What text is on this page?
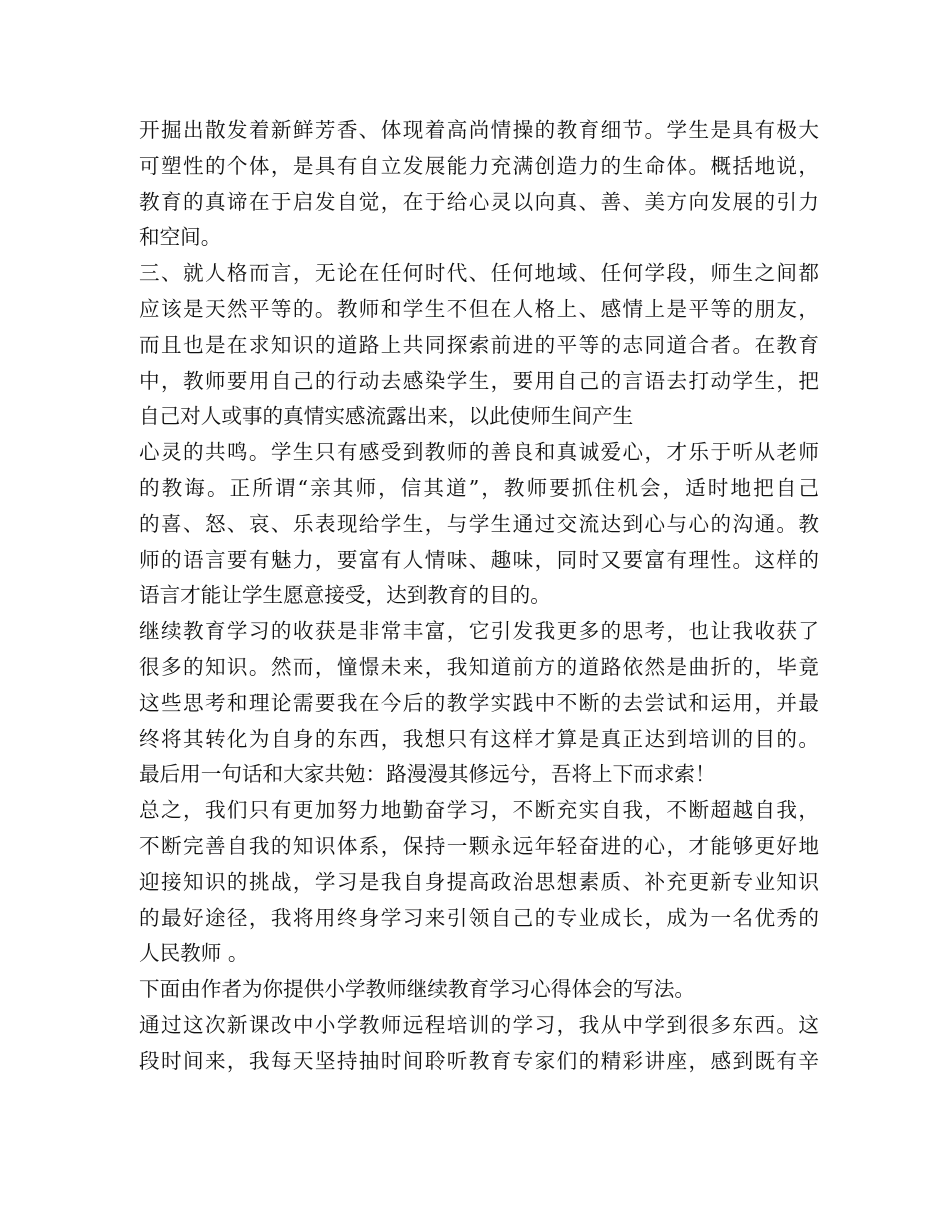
开掘出散发着新鲜芳香、体现着高尚情操的教育细节。学生是具有极大
可塑性的个体，是具有自立发展能力充满创造力的生命体。概括地说，
教育的真谛在于启发自觉，在于给心灵以向真、善、美方向发展的引力
和空间。
三、就人格而言，无论在任何时代、任何地域、任何学段，师生之间都
应该是天然平等的。教师和学生不但在人格上、感情上是平等的朋友，
而且也是在求知识的道路上共同探索前进的平等的志同道合者。在教育
中，教师要用自己的行动去感染学生，要用自己的言语去打动学生，把
自己对人或事的真情实感流露出来，以此使师生间产生
心灵的共鸣。学生只有感受到教师的善良和真诚爱心，才乐于听从老师
的教诲。正所谓“亲其师，信其道”，教师要抓住机会，适时地把自己
的喜、怒、哀、乐表现给学生，与学生通过交流达到心与心的沟通。教
师的语言要有魅力，要富有人情味、趣味，同时又要富有理性。这样的
语言才能让学生愿意接受，达到教育的目的。
继续教育学习的收获是非常丰富，它引发我更多的思考，也让我收获了
很多的知识。然而，憧憬未来，我知道前方的道路依然是曲折的，毕竟
这些思考和理论需要我在今后的教学实践中不断的去尝试和运用，并最
终将其转化为自身的东西，我想只有这样才算是真正达到培训的目的。
最后用一句话和大家共勉：路漫漫其修远兮，吾将上下而求索！
总之，我们只有更加努力地勤奋学习，不断充实自我，不断超越自我，
不断完善自我的知识体系，保持一颗永远年轻奋进的心，才能够更好地
迎接知识的挑战，学习是我自身提高政治思想素质、补充更新专业知识
的最好途径，我将用终身学习来引领自己的专业成长，成为一名优秀的
人民教师 。
下面由作者为你提供小学教师继续教育学习心得体会的写法。
通过这次新课改中小学教师远程培训的学习，我从中学到很多东西。这
段时间来，我每天坚持抽时间聆听教育专家们的精彩讲座，感到既有辛
